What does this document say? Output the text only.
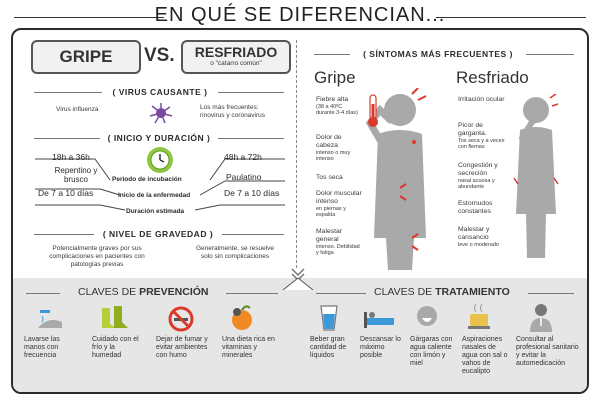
EN QUÉ SE DIFERENCIAN...
GRIPE	VS.	RESFRIADO
o "catarro común"
( VIRUS CAUSANTE )
Virus influenza	Los más frecuentes: rinovirus y coronavirus
( INICIO Y DURACIÓN )
18h a 36h	48h a 72h
Periodo de incubación
Repentino y brusco	Paulatino
Inicio de la enfermedad
De 7 a 10 días	De 7 a 10 días
Duración estimada
( NIVEL DE GRAVEDAD )
Potencialmente graves por sus complicaciones en pacientes con patologías previas
Generalmente, se resuelve solo sin complicaciones
( SÍNTOMAS MÁS FRECUENTES )
Gripe	Resfriado
Fiebre alta
(38 a 40ºC durante 3-4 días)
Dolor de cabeza
intenso o muy intenso
Tos seca
Dolor muscular intenso
en piernas y espalda
Malestar general
intenso. Debilidad y fatiga
Irritación ocular
Picor de garganta.
Tos seca y a veces con flemas
Congestión y secreción
nasal acuosa y abundante
Estornudos constantes
Malestar y cansancio
leve o moderado
CLAVES DE PREVENCIÓN
Lavarse las manos con frecuencia
Cuidado con el frío y la humedad
Dejar de fumar y evitar ambientes con humo
Una dieta rica en vitaminas y minerales
CLAVES DE TRATAMIENTO
Beber gran cantidad de líquidos
Descansar lo máximo posible
Gárgaras con agua caliente con limón y miel
Aspiraciones nasales de agua con sal o vahos de eucalipto
Consultar al profesional sanitario y evitar la automedicación
